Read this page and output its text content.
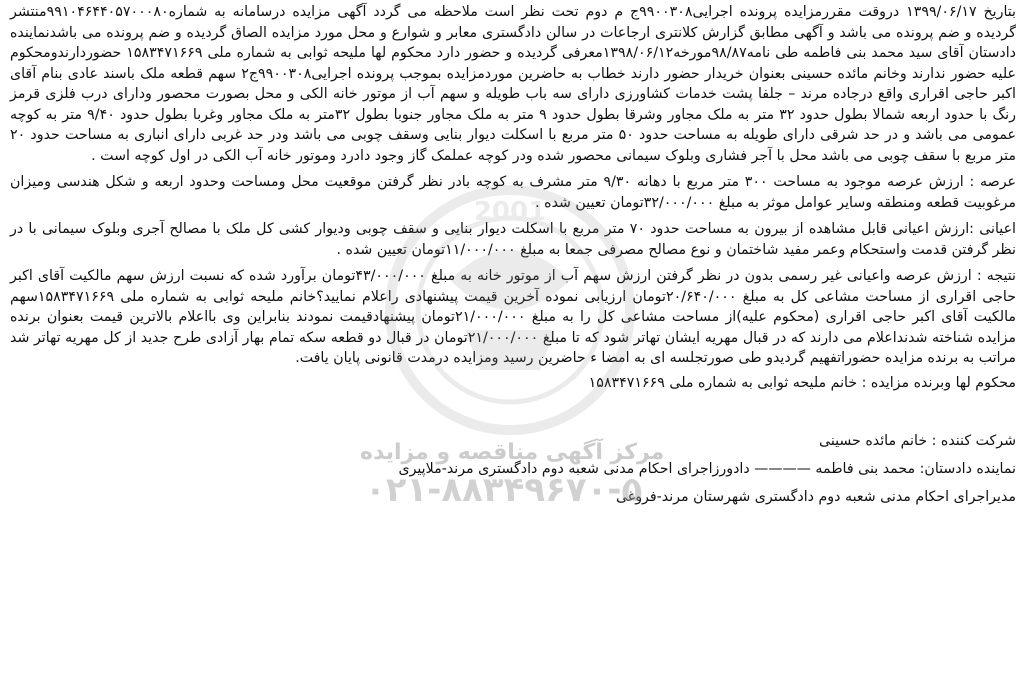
بتاریخ ۱۳۹۹/۰۶/۱۷ درو‌قت مقررمزایده پرونده اجرایی۹۹۰۰۳۰۸ج م دوم تحت نظر است ملاحظه می گردد آگهی مزایده درسامانه به شماره۹۹۱۰۴۶۴۴۰۵۷۰۰۰۸۰منتشر گردیده و ضم پرونده می باشد و آگهی مطابق گزارش کلانتری ارجاعات در سالن دادگستری معابر و شوارع و محل مورد مزایده الصاق گردیده و ضم پرونده می باشدنماینده دادستان آقای سید محمد بنی فاطمه طی نامه۹۸/۸۷مورخه۱۳۹۸/۰۶/۱۲معرفی گردیده و حضور دارد محکوم لها ملیحه ثوابی به شماره ملی ۱۵۸۳۴۷۱۶۶۹ حضوردارندومحکوم علیه حضور ندارند وخانم مائده حسینی بعنوان خریدار حضور دارند خطاب به حاضرین موردمزایده بموجب پرونده اجرایی۹۹۰۰۳۰۸ج۲ سهم قطعه ملک باسند عادی بنام آقای اکبر حاجی اقراری واقع درجاده مرند – جلفا پشت خدمات کشاورزی دارای سه باب طویله و سهم آب از موتور خانه الکی و محل بصورت محصور ودارای درب فلزی قرمز رنگ با حدود اربعه شمالا بطول حدود ۳۲ متر به ملک مجاور وشرقا بطول حدود ۹ متر به ملک مجاور جنوبا بطول ۳۲متر به ملک مجاور وغربا بطول حدود ۹/۴۰ متر به کوچه عمومی می باشد و در حد شرقی دارای طویله به مساحت حدود ۵۰ متر مربع با اسکلت دیوار بنایی وسقف چوبی می باشد ودر حد غربی دارای انباری به مساحت حدود ۲۰ متر مربع با سقف چوبی می باشد محل با آجر فشاری وبلوک سیمانی محصور شده ودر کوچه عملمک گاز وجود دادرد وموتور خانه آب الکی در اول کوچه است .

عرصه : ارزش عرصه موجود به مساحت ۳۰۰ متر مربع با دهانه ۹/۳۰ متر مشرف به کوچه بادر نظر گرفتن موقعیت محل ومساحت وحدود اربعه و شکل هندسی ومیزان مرغوبیت قطعه ومنطقه وسایر عوامل موثر به مبلغ ۳۲/۰۰۰/۰۰۰تومان تعیین شده .

اعیانی :ارزش اعیانی قابل مشاهده از بیرون به مساحت حدود ۷۰ متر مربع با اسکلت دیوار بنایی و سقف چوبی ودیوار کشی کل ملک با مصالح آجری وبلوک سیمانی با در نظر گرفتن قدمت واستحکام وعمر مفید شاختمان و نوع مصالح مصرفی جمعا به مبلغ ۱۱/۰۰۰/۰۰۰تومان تعیین شده .

نتیجه : ارزش عرصه واعیانی غیر رسمی بدون در نظر گرفتن ارزش سهم آب از موتور خانه به مبلغ ۴۳/۰۰۰/۰۰۰تومان برآورد شده که نسبت ارزش سهم مالکیت آقای اکبر حاجی اقراری از مساحت مشاعی کل به مبلغ ۲۰/۶۴۰/۰۰۰تومان ارزیابی نموده آخرین قیمت پیشنهادی راعلام نمایید؟خانم ملیحه ثوابی به شماره ملی ۱۵۸۳۴۷۱۶۶۹سهم مالکیت آقای اکبر حاجی اقراری (محکوم علیه)از مساحت مشاعی کل را به مبلغ ۲۱/۰۰۰/۰۰۰تومان پیشنهادقیمت نمودند بنابراین وی بااعلام بالاترین قیمت بعنوان برنده مزایده شناخته شدنداعلام می دارند که در قبال مهریه ایشان تهاتر شود که تا مبلغ ۲۱/۰۰۰/۰۰۰تومان در قبال دو قطعه سکه تمام بهار آزادی طرح جدید از کل مهریه تهاتر شد مراتب به برنده مزایده حضوراتفهیم گردیدو طی صورتجلسه ای به امضا ء حاضرین رسید ومزایده درمدت قانونی پایان یافت.

محکوم لها وبرنده مزایده : خانم ملیحه ثوابی به شماره ملی ۱۵۸۳۴۷۱۶۶۹

شرکت کننده : خانم مائده حسینی

نماینده دادستان: محمد بنی فاطمه ———— دادورزاجرای احکام مدنی شعبه دوم دادگستری مرند-ملاپیری

مدیراجرای احکام مدنی شعبه دوم دادگستری شهرستان مرند-فروغی

2001
مرکز آگهی مناقصه و مزایده
۰۲۱-۸۸۳۴۹۶۷۰-۵
